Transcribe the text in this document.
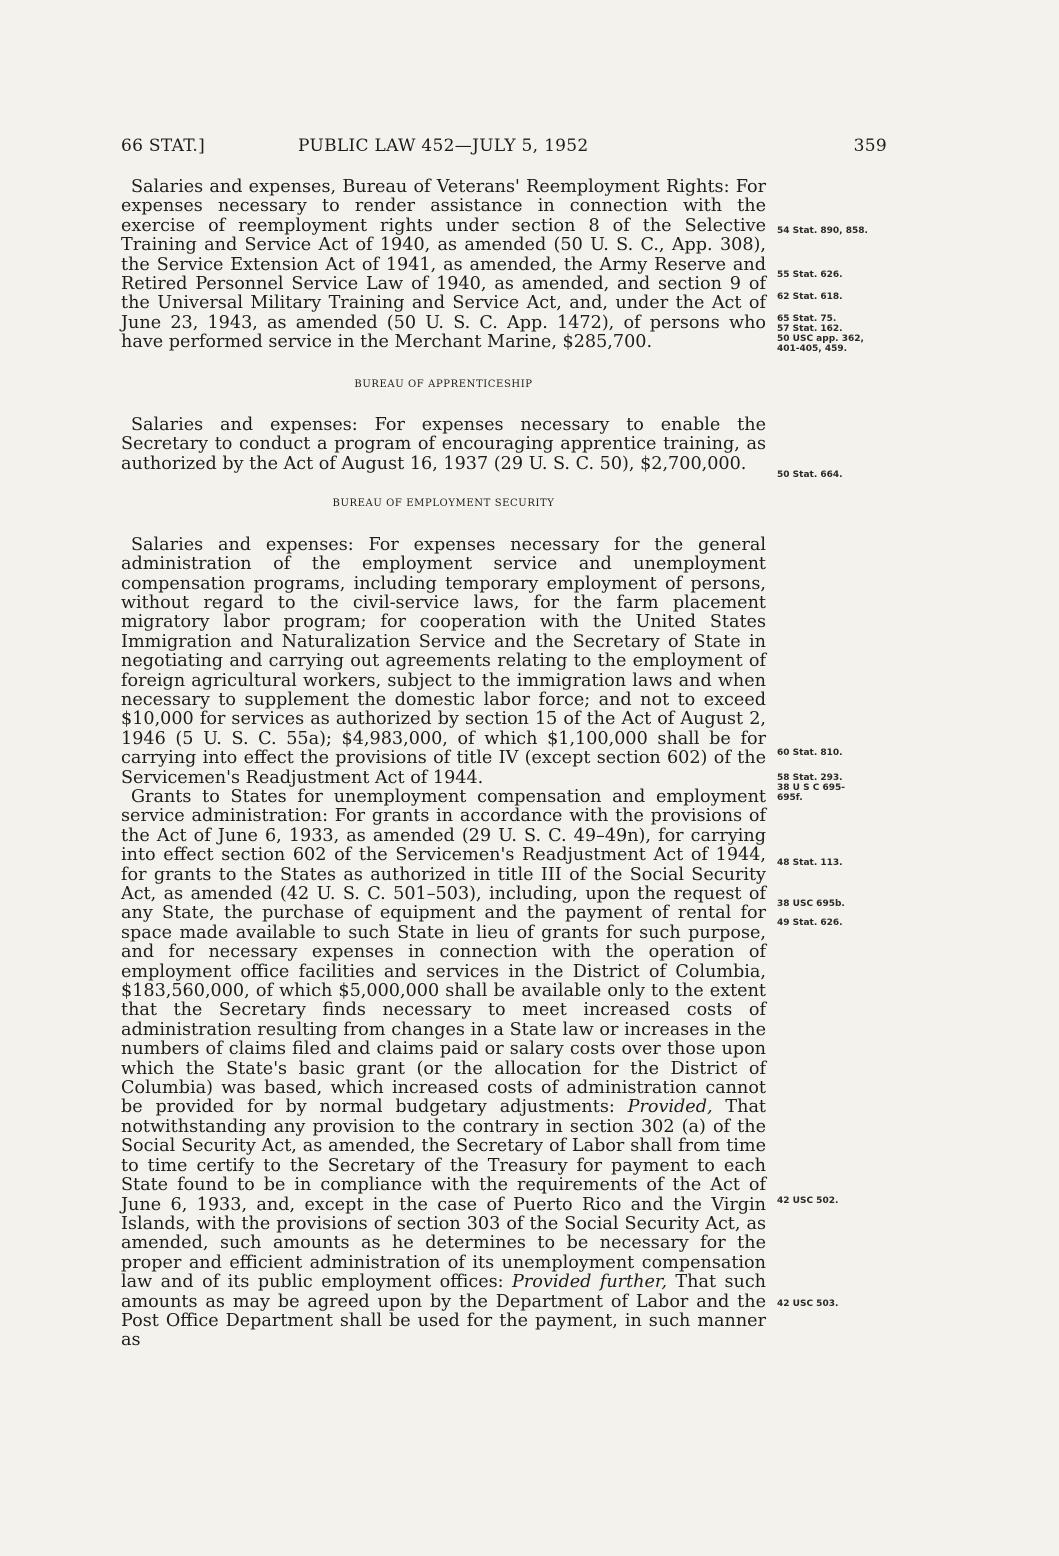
66 STAT.]	PUBLIC LAW 452—JULY 5, 1952	359

Salaries and expenses, Bureau of Veterans' Reemployment Rights: For expenses necessary to render assistance in connection with the exercise of reemployment rights under section 8 of the Selective Training and Service Act of 1940, as amended (50 U. S. C., App. 308), the Service Extension Act of 1941, as amended, the Army Reserve and Retired Personnel Service Law of 1940, as amended, and section 9 of the Universal Military Training and Service Act, and, under the Act of June 23, 1943, as amended (50 U. S. C. App. 1472), of persons who have performed service in the Merchant Marine, $285,700.

BUREAU OF APPRENTICESHIP

Salaries and expenses: For expenses necessary to enable the Secretary to conduct a program of encouraging apprentice training, as authorized by the Act of August 16, 1937 (29 U. S. C. 50), $2,700,000.

BUREAU OF EMPLOYMENT SECURITY

Salaries and expenses: For expenses necessary for the general administration of the employment service and unemployment compensation programs, including temporary employment of persons, without regard to the civil-service laws, for the farm placement migratory labor program; for cooperation with the United States Immigration and Naturalization Service and the Secretary of State in negotiating and carrying out agreements relating to the employment of foreign agricultural workers, subject to the immigration laws and when necessary to supplement the domestic labor force; and not to exceed $10,000 for services as authorized by section 15 of the Act of August 2, 1946 (5 U. S. C. 55a); $4,983,000, of which $1,100,000 shall be for carrying into effect the provisions of title IV (except section 602) of the Servicemen's Readjustment Act of 1944.

Grants to States for unemployment compensation and employment service administration: For grants in accordance with the provisions of the Act of June 6, 1933, as amended (29 U. S. C. 49–49n), for carrying into effect section 602 of the Servicemen's Readjustment Act of 1944, for grants to the States as authorized in title III of the Social Security Act, as amended (42 U. S. C. 501–503), including, upon the request of any State, the purchase of equipment and the payment of rental for space made available to such State in lieu of grants for such purpose, and for necessary expenses in connection with the operation of employment office facilities and services in the District of Columbia, $183,560,000, of which $5,000,000 shall be available only to the extent that the Secretary finds necessary to meet increased costs of administration resulting from changes in a State law or increases in the numbers of claims filed and claims paid or salary costs over those upon which the State's basic grant (or the allocation for the District of Columbia) was based, which increased costs of administration cannot be provided for by normal budgetary adjustments: Provided, That notwithstanding any provision to the contrary in section 302 (a) of the Social Security Act, as amended, the Secretary of Labor shall from time to time certify to the Secretary of the Treasury for payment to each State found to be in compliance with the requirements of the Act of June 6, 1933, and, except in the case of Puerto Rico and the Virgin Islands, with the provisions of section 303 of the Social Security Act, as amended, such amounts as he determines to be necessary for the proper and efficient administration of its unemployment compensation law and of its public employment offices: Provided further, That such amounts as may be agreed upon by the Department of Labor and the Post Office Department shall be used for the payment, in such manner as

54 Stat. 890, 858.
55 Stat. 626.
62 Stat. 618.
65 Stat. 75.
57 Stat. 162.
50 USC app. 362,
401-405, 459.
50 Stat. 664.
60 Stat. 810.
58 Stat. 293.
38 U S C 695-
695f.
48 Stat. 113.
38 USC 695b.
49 Stat. 626.
42 USC 502.
42 USC 503.
